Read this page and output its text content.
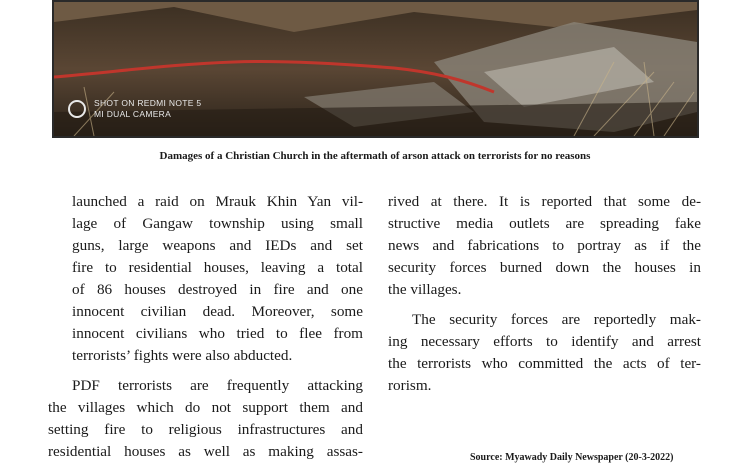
SHOT ON REDMI NOTE 5
MI DUAL CAMERA
Damages of a Christian Church in the aftermath of arson attack on terrorists for no reasons

launched a raid on Mrauk Khin Yan vil-
lage of Gangaw township using small
guns, large weapons and IEDs and set
fire to residential houses, leaving a total
of 86 houses destroyed in fire and one
innocent civilian dead. Moreover, some
innocent civilians who tried to flee from
terrorists’ fights were also abducted.

PDF terrorists are frequently attacking
the villages which do not support them and
setting fire to religious infrastructures and
residential houses as well as making assas-

rived at there. It is reported that some de-
structive media outlets are spreading fake
news and fabrications to portray as if the
security forces burned down the houses in
the villages.

The security forces are reportedly mak-
ing necessary efforts to identify and arrest
the terrorists who committed the acts of ter-
rorism.

Source: Myawady Daily Newspaper (20-3-2022)
